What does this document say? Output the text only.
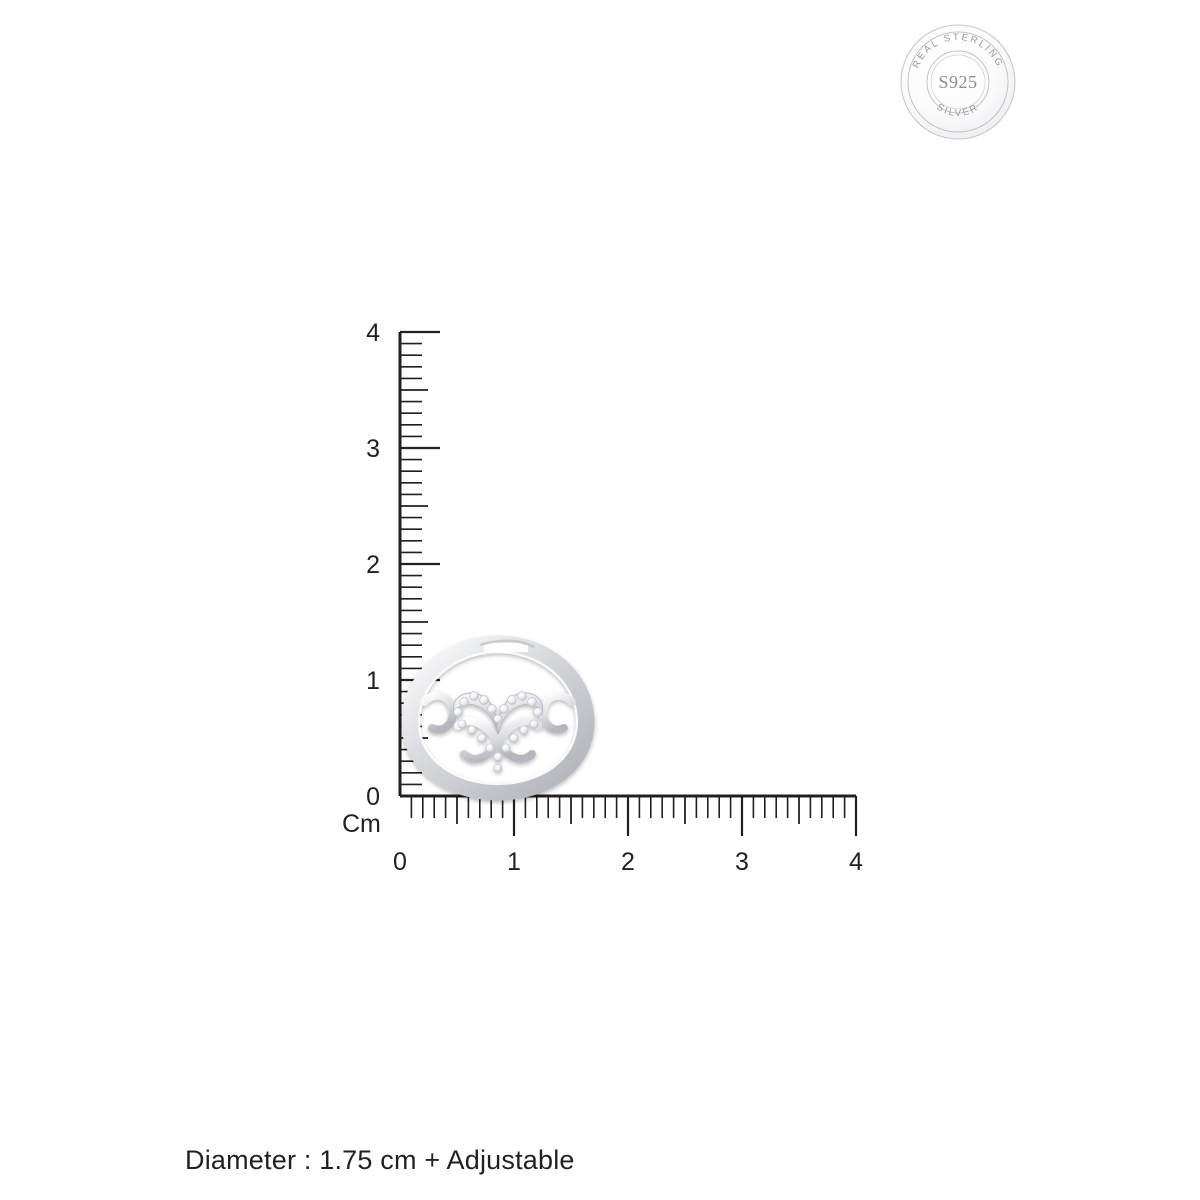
REAL STERLING
SILVER
S925
4
3
2
1
0
0	1	2	3	4
Cm
Diameter : 1.75 cm + Adjustable
